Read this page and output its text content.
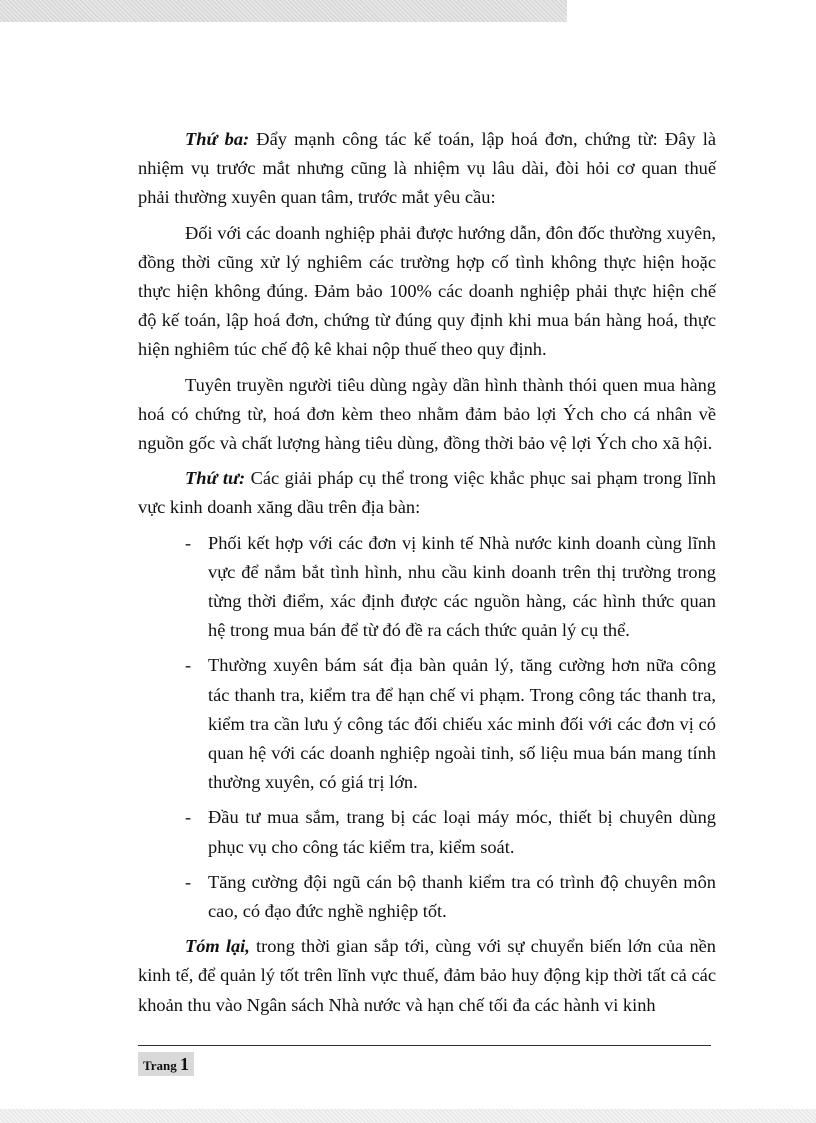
Thứ ba: Đẩy mạnh công tác kế toán, lập hoá đơn, chứng từ: Đây là nhiệm vụ trước mắt nhưng cũng là nhiệm vụ lâu dài, đòi hỏi cơ quan thuế phải thường xuyên quan tâm, trước mắt yêu cầu:

Đối với các doanh nghiệp phải được hướng dẫn, đôn đốc thường xuyên, đồng thời cũng xử lý nghiêm các trường hợp cố tình không thực hiện hoặc thực hiện không đúng. Đảm bảo 100% các doanh nghiệp phải thực hiện chế độ kế toán, lập hoá đơn, chứng từ đúng quy định khi mua bán hàng hoá, thực hiện nghiêm túc chế độ kê khai nộp thuế theo quy định.

Tuyên truyền người tiêu dùng ngày dần hình thành thói quen mua hàng hoá có chứng từ, hoá đơn kèm theo nhằm đảm bảo lợi Ých cho cá nhân về nguồn gốc và chất lượng hàng tiêu dùng, đồng thời bảo vệ lợi Ých cho xã hội.

Thứ tư: Các giải pháp cụ thể trong việc khắc phục sai phạm trong lĩnh vực kinh doanh xăng dầu trên địa bàn:

- Phối kết hợp với các đơn vị kinh tế Nhà nước kinh doanh cùng lĩnh vực để nắm bắt tình hình, nhu cầu kinh doanh trên thị trường trong từng thời điểm, xác định được các nguồn hàng, các hình thức quan hệ trong mua bán để từ đó đề ra cách thức quản lý cụ thể.
- Thường xuyên bám sát địa bàn quản lý, tăng cường hơn nữa công tác thanh tra, kiểm tra để hạn chế vi phạm. Trong công tác thanh tra, kiểm tra cần lưu ý công tác đối chiếu xác minh đối với các đơn vị có quan hệ với các doanh nghiệp ngoài tỉnh, số liệu mua bán mang tính thường xuyên, có giá trị lớn.
- Đầu tư mua sắm, trang bị các loại máy móc, thiết bị chuyên dùng phục vụ cho công tác kiểm tra, kiểm soát.
- Tăng cường đội ngũ cán bộ thanh kiểm tra có trình độ chuyên môn cao, có đạo đức nghề nghiệp tốt.

Tóm lại, trong thời gian sắp tới, cùng với sự chuyển biến lớn của nền kinh tế, để quản lý tốt trên lĩnh vực thuế, đảm bảo huy động kịp thời tất cả các khoản thu vào Ngân sách Nhà nước và hạn chế tối đa các hành vi kinh

Trang 1
